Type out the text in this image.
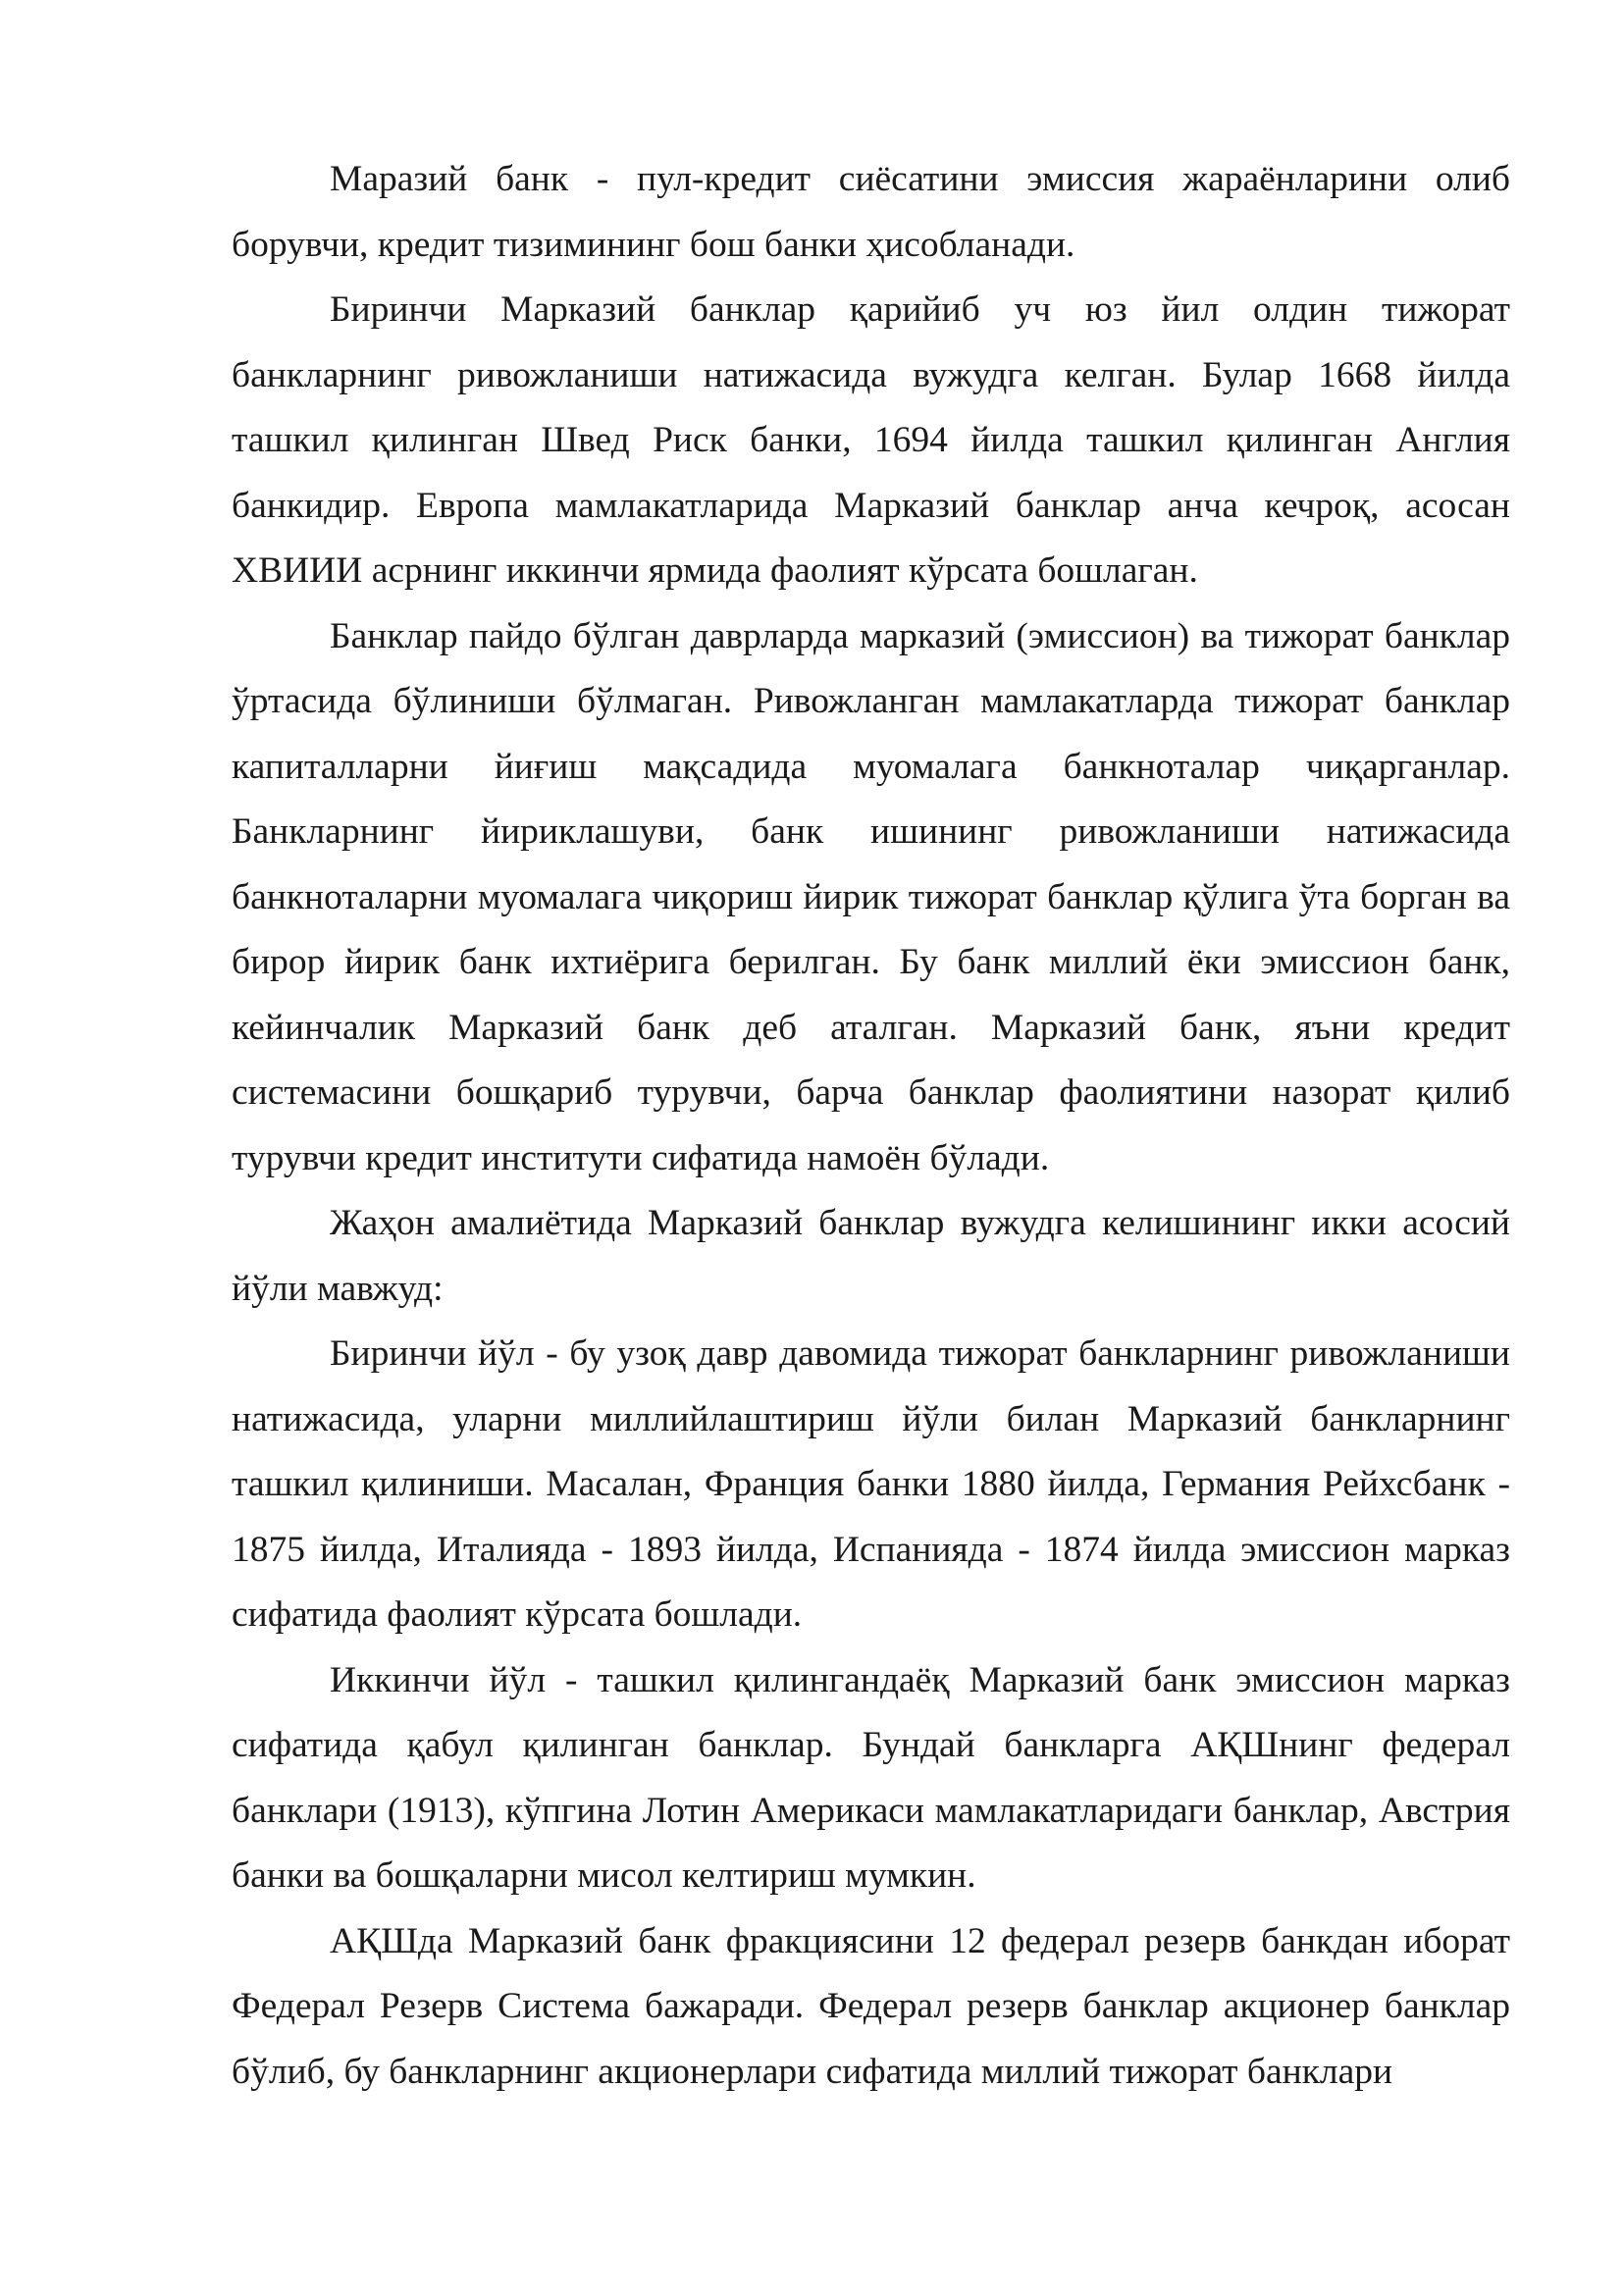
Маразий банк - пул-кредит сиёсатини эмиссия жараёнларини олиб борувчи, кредит тизимининг бош банки ҳисобланади.

Биринчи Марказий банклар қарийиб уч юз йил олдин тижорат банкларнинг ривожланиши натижасида вужудга келган. Булар 1668 йилда ташкил қилинган Швед Риск банки, 1694 йилда ташкил қилинган Англия банкидир. Европа мамлакатларида Марказий банклар анча кечроқ, асосан ХВИИИ асрнинг иккинчи ярмида фаолият кўрсата бошлаган.

Банклар пайдо бўлган даврларда марказий (эмиссион) ва тижорат банклар ўртасида бўлиниши бўлмаган. Ривожланган мамлакатларда тижорат банклар капиталларни йиғиш мақсадида муомалага банкноталар чиқарганлар. Банкларнинг йириклашуви, банк ишининг ривожланиши натижасида банкноталарни муомалага чиқориш йирик тижорат банклар қўлига ўта борган ва бирор йирик банк ихтиёрига берилган. Бу банк миллий ёки эмиссион банк, кейинчалик Марказий банк деб аталган. Марказий банк, яъни кредит системасини бошқариб турувчи, барча банклар фаолиятини назорат қилиб турувчи кредит институти сифатида намоён бўлади.

Жаҳон амалиётида Марказий банклар вужудга келишининг икки асосий йўли мавжуд:

Биринчи йўл - бу узоқ давр давомида тижорат банкларнинг ривожланиши натижасида, уларни миллийлаштириш йўли билан Марказий банкларнинг ташкил қилиниши. Масалан, Франция банки 1880 йилда, Германия Рейхсбанк - 1875 йилда, Италияда - 1893 йилда, Испанияда - 1874 йилда эмиссион марказ сифатида фаолият кўрсата бошлади.

Иккинчи йўл - ташкил қилингандаёқ Марказий банк эмиссион марказ сифатида қабул қилинган банклар. Бундай банкларга АҚШнинг федерал банклари (1913), кўпгина Лотин Америкаси мамлакатларидаги банклар, Австрия банки ва бошқаларни мисол келтириш мумкин.

АҚШда Марказий банк фракциясини 12 федерал резерв банкдан иборат Федерал Резерв Система бажаради. Федерал резерв банклар акционер банклар бўлиб, бу банкларнинг акционерлари сифатида миллий тижорат банклари
